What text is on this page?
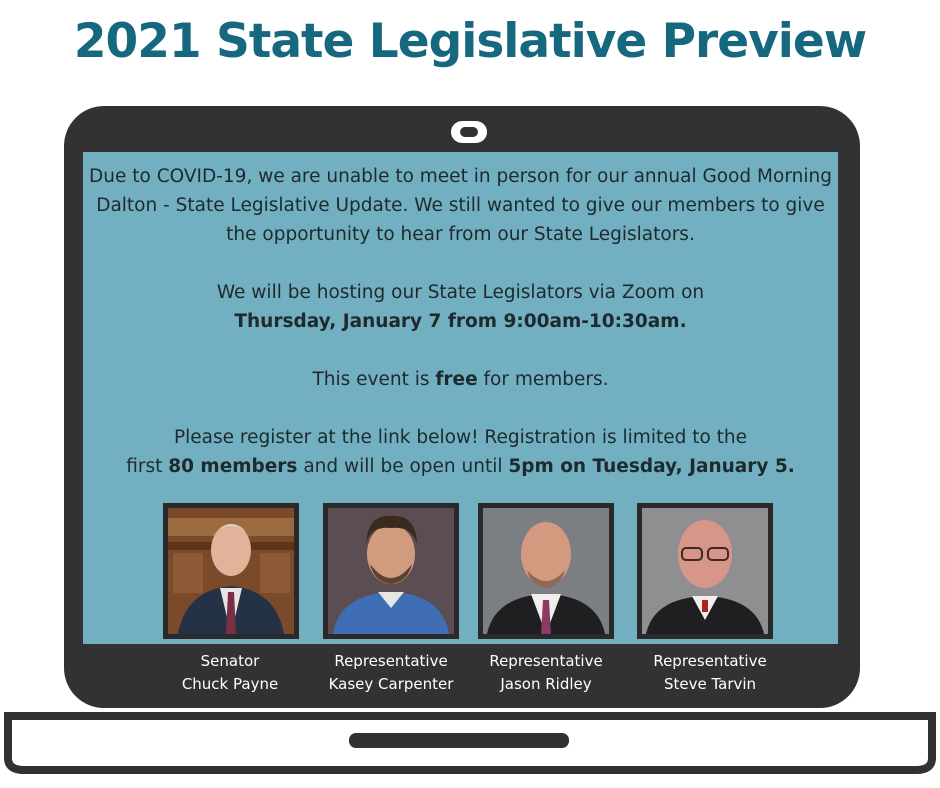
2021 State Legislative Preview

Due to COVID-19, we are unable to meet in person for our annual Good Morning Dalton - State Legislative Update. We still wanted to give our members to give the opportunity to hear from our State Legislators.

We will be hosting our State Legislators via Zoom on
Thursday, January 7 from 9:00am-10:30am.

This event is free for members.

Please register at the link below! Registration is limited to the
first 80 members and will be open until 5pm on Tuesday, January 5.

Senator
Chuck Payne
Representative
Kasey Carpenter
Representative
Jason Ridley
Representative
Steve Tarvin
